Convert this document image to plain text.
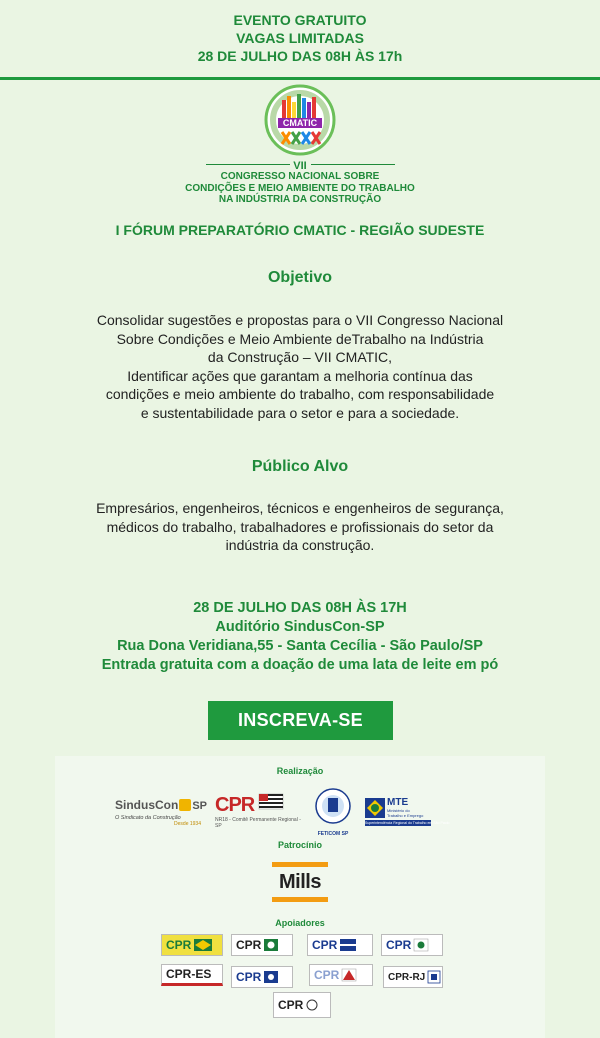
EVENTO GRATUITO
VAGAS LIMITADAS
28 DE JULHO DAS 08H ÀS 17h
CMATIC
VII
CONGRESSO NACIONAL SOBRE
CONDIÇÕES E MEIO AMBIENTE DO TRABALHO
NA INDÚSTRIA DA CONSTRUÇÃO
I FÓRUM PREPARATÓRIO CMATIC - REGIÃO SUDESTE
Objetivo
Consolidar sugestões e propostas para o VII Congresso Nacional
Sobre Condições e Meio Ambiente deTrabalho na Indústria
da Construção – VII CMATIC,
Identificar ações que garantam a melhoria contínua das
condições e meio ambiente do trabalho, com responsabilidade
e sustentabilidade para o setor e para a sociedade.
Público Alvo
Empresários, engenheiros, técnicos e engenheiros de segurança,
médicos do trabalho, trabalhadores e profissionais do setor da
indústria da construção.
28 DE JULHO DAS 08H ÀS 17H
Auditório SindusCon-SP
Rua Dona Veridiana,55 - Santa Cecília - São Paulo/SP
Entrada gratuita com a doação de uma lata de leite em pó
INSCREVA-SE
Realização
SindusCon SP
O Sindicato da Construção
Desde 1934
CPR
NR18 - Comitê Permanente Regional - SP
FETICOM SP
MTE
Ministério do
Trabalho e Emprego
Superintendência Regional do Trabalho em São Paulo
Patrocínio
Mills
Apoiadores
CPR	CPR	CPR	CPR
CPR-ES CPR	CPR	CPR-RJ
CPR
